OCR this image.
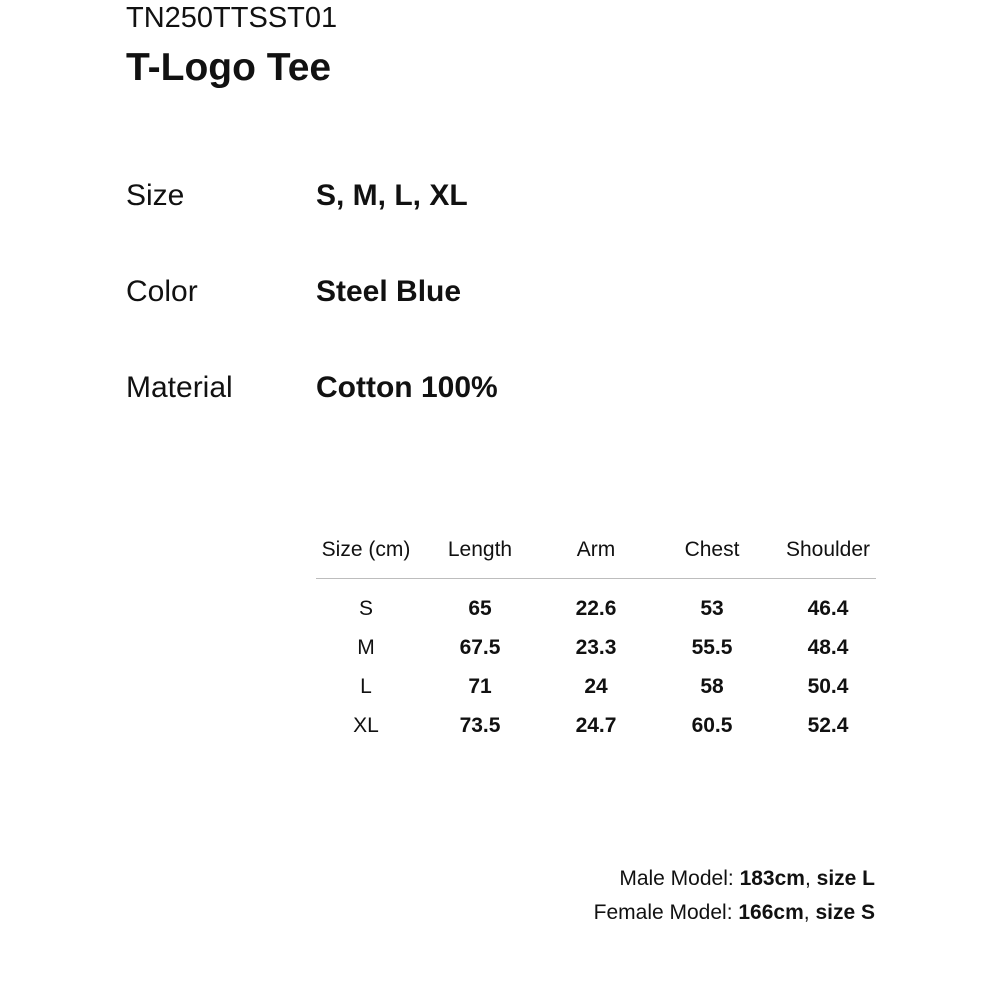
TN250TTSST01
T-Logo Tee
Size	S, M, L, XL
Color	Steel Blue
Material	Cotton 100%
Size (cm)	Length	Arm	Chest	Shoulder
S	65	22.6	53	46.4
M	67.5	23.3	55.5	48.4
L	71	24	58	50.4
XL	73.5	24.7	60.5	52.4
Male Model: 183cm, size L
Female Model: 166cm, size S
